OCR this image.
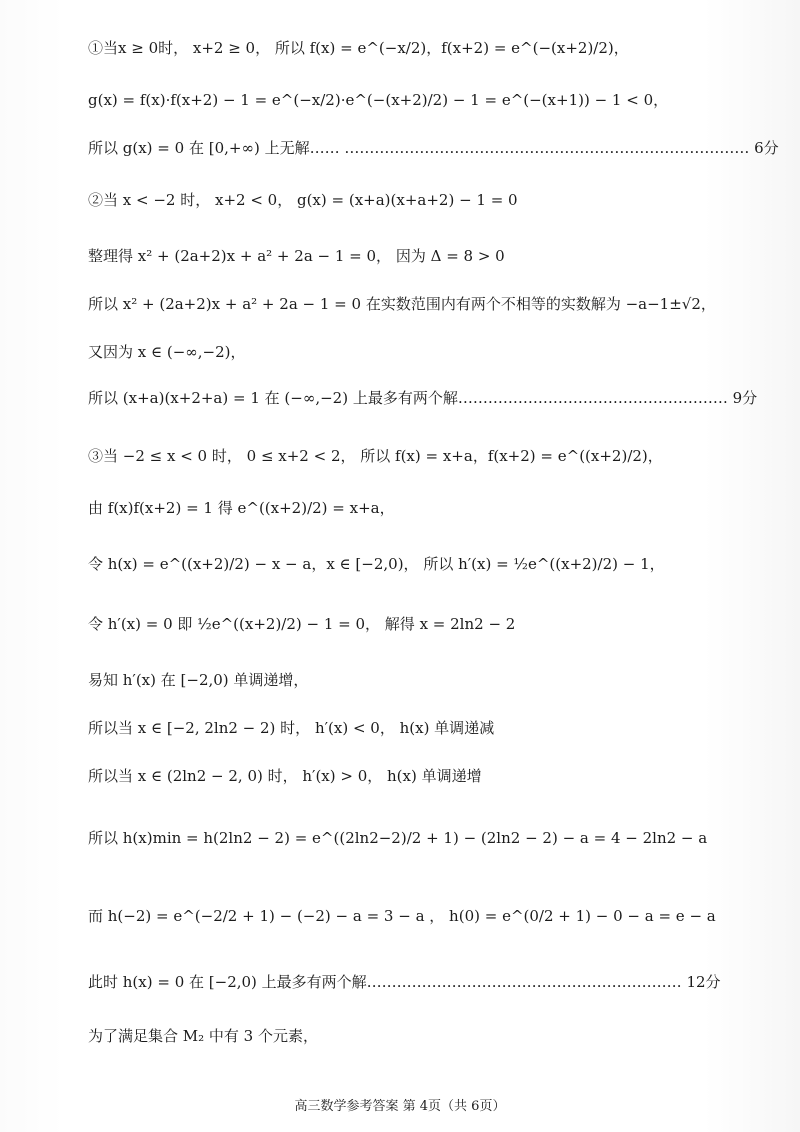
①当x ≥ 0时， x+2 ≥ 0， 所以 f(x) = e^(−x/2)，f(x+2) = e^(−(x+2)/2)，
g(x) = f(x)·f(x+2) − 1 = e^(−x/2)·e^(−(x+2)/2) − 1 = e^(−(x+1)) − 1 < 0，
所以 g(x) = 0 在 [0,+∞) 上无解…… ……………………………………………………………………… 6分
②当 x < −2 时， x+2 < 0， g(x) = (x+a)(x+a+2) − 1 = 0
整理得 x² + (2a+2)x + a² + 2a − 1 = 0， 因为 Δ = 8 > 0
所以 x² + (2a+2)x + a² + 2a − 1 = 0 在实数范围内有两个不相等的实数解为 −a−1±√2，
又因为 x ∈ (−∞,−2)，
所以 (x+a)(x+2+a) = 1 在 (−∞,−2) 上最多有两个解……………………………………………… 9分
③当 −2 ≤ x < 0 时， 0 ≤ x+2 < 2， 所以 f(x) = x+a，f(x+2) = e^((x+2)/2)，
由 f(x)f(x+2) = 1 得 e^((x+2)/2) = x+a，
令 h(x) = e^((x+2)/2) − x − a，x ∈ [−2,0)， 所以 h′(x) = ½e^((x+2)/2) − 1，
令 h′(x) = 0 即 ½e^((x+2)/2) − 1 = 0， 解得 x = 2ln2 − 2
易知 h′(x) 在 [−2,0) 单调递增，
所以当 x ∈ [−2, 2ln2 − 2) 时， h′(x) < 0， h(x) 单调递减
所以当 x ∈ (2ln2 − 2, 0) 时， h′(x) > 0， h(x) 单调递增
所以 h(x)min = h(2ln2 − 2) = e^((2ln2−2)/2 + 1) − (2ln2 − 2) − a = 4 − 2ln2 − a
而 h(−2) = e^(−2/2 + 1) − (−2) − a = 3 − a ， h(0) = e^(0/2 + 1) − 0 − a = e − a
此时 h(x) = 0 在 [−2,0) 上最多有两个解……………………………………………………… 12分
为了满足集合 M₂ 中有 3 个元素，
高三数学参考答案 第 4页（共 6页）
